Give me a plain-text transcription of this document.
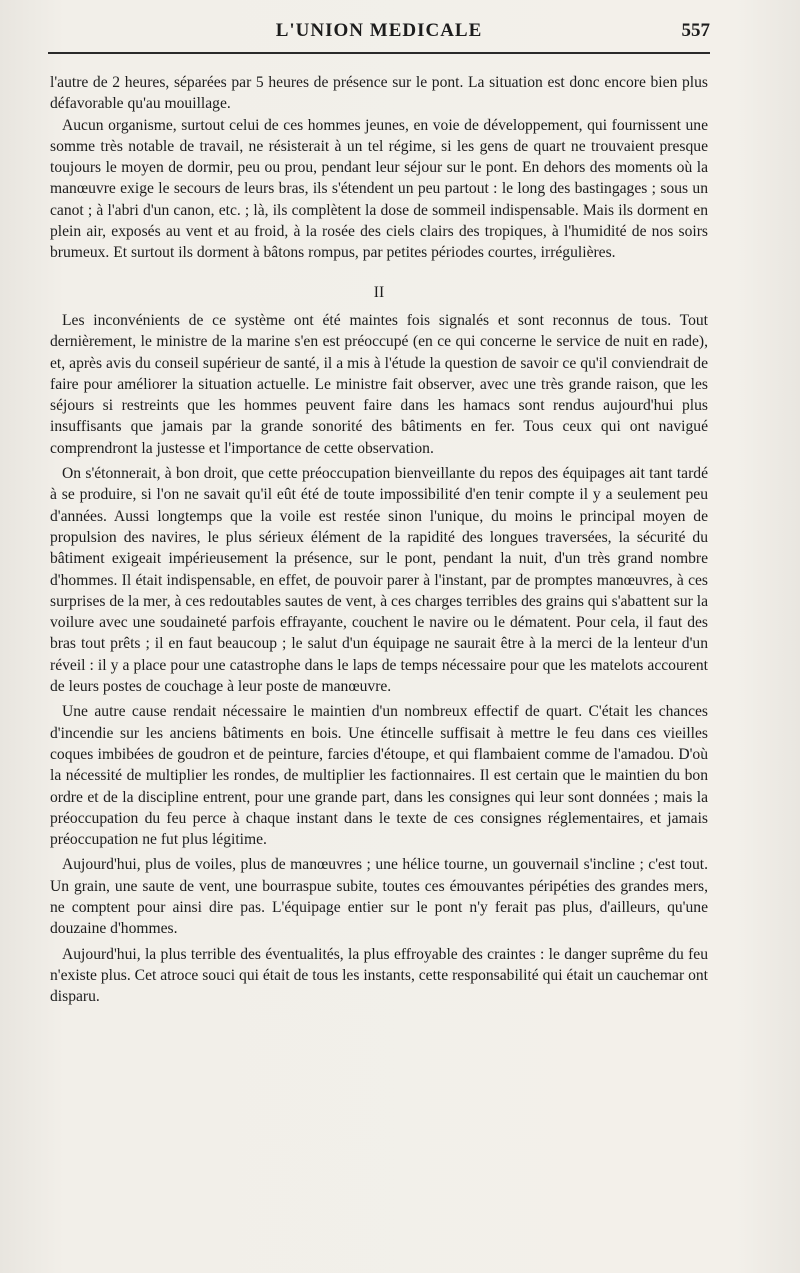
L'UNION MEDICALE	557

l'autre de 2 heures, séparées par 5 heures de présence sur le pont. La situation est donc encore bien plus défavorable qu'au mouillage.

Aucun organisme, surtout celui de ces hommes jeunes, en voie de développement, qui fournissent une somme très notable de travail, ne résisterait à un tel régime, si les gens de quart ne trouvaient presque toujours le moyen de dormir, peu ou prou, pendant leur séjour sur le pont. En dehors des moments où la manœuvre exige le secours de leurs bras, ils s'étendent un peu partout : le long des bastingages ; sous un canot ; à l'abri d'un canon, etc. ; là, ils complètent la dose de sommeil indispensable. Mais ils dorment en plein air, exposés au vent et au froid, à la rosée des ciels clairs des tropiques, à l'humidité de nos soirs brumeux. Et surtout ils dorment à bâtons rompus, par petites périodes courtes, irrégulières.

II

Les inconvénients de ce système ont été maintes fois signalés et sont reconnus de tous. Tout dernièrement, le ministre de la marine s'en est préoccupé (en ce qui concerne le service de nuit en rade), et, après avis du conseil supérieur de santé, il a mis à l'étude la question de savoir ce qu'il conviendrait de faire pour améliorer la situation actuelle. Le ministre fait observer, avec une très grande raison, que les séjours si restreints que les hommes peuvent faire dans les hamacs sont rendus aujourd'hui plus insuffisants que jamais par la grande sonorité des bâtiments en fer. Tous ceux qui ont navigué comprendront la justesse et l'importance de cette observation.

On s'étonnerait, à bon droit, que cette préoccupation bienveillante du repos des équipages ait tant tardé à se produire, si l'on ne savait qu'il eût été de toute impossibilité d'en tenir compte il y a seulement peu d'années. Aussi longtemps que la voile est restée sinon l'unique, du moins le principal moyen de propulsion des navires, le plus sérieux élément de la rapidité des longues traversées, la sécurité du bâtiment exigeait impérieusement la présence, sur le pont, pendant la nuit, d'un très grand nombre d'hommes. Il était indispensable, en effet, de pouvoir parer à l'instant, par de promptes manœuvres, à ces surprises de la mer, à ces redoutables sautes de vent, à ces charges terribles des grains qui s'abattent sur la voilure avec une soudaineté parfois effrayante, couchent le navire ou le dématent. Pour cela, il faut des bras tout prêts ; il en faut beaucoup ; le salut d'un équipage ne saurait être à la merci de la lenteur d'un réveil : il y a place pour une catastrophe dans le laps de temps nécessaire pour que les matelots accourent de leurs postes de couchage à leur poste de manœuvre.

Une autre cause rendait nécessaire le maintien d'un nombreux effectif de quart. C'était les chances d'incendie sur les anciens bâtiments en bois. Une étincelle suffisait à mettre le feu dans ces vieilles coques imbibées de goudron et de peinture, farcies d'étoupe, et qui flambaient comme de l'amadou. D'où la nécessité de multiplier les rondes, de multiplier les factionnaires. Il est certain que le maintien du bon ordre et de la discipline entrent, pour une grande part, dans les consignes qui leur sont données ; mais la préoccupation du feu perce à chaque instant dans le texte de ces consignes réglementaires, et jamais préoccupation ne fut plus légitime.

Aujourd'hui, plus de voiles, plus de manœuvres ; une hélice tourne, un gouvernail s'incline ; c'est tout. Un grain, une saute de vent, une bourraspue subite, toutes ces émouvantes péripéties des grandes mers, ne comptent pour ainsi dire pas. L'équipage entier sur le pont n'y ferait pas plus, d'ailleurs, qu'une douzaine d'hommes.

Aujourd'hui, la plus terrible des éventualités, la plus effroyable des craintes : le danger suprême du feu n'existe plus. Cet atroce souci qui était de tous les instants, cette responsabilité qui était un cauchemar ont disparu.
